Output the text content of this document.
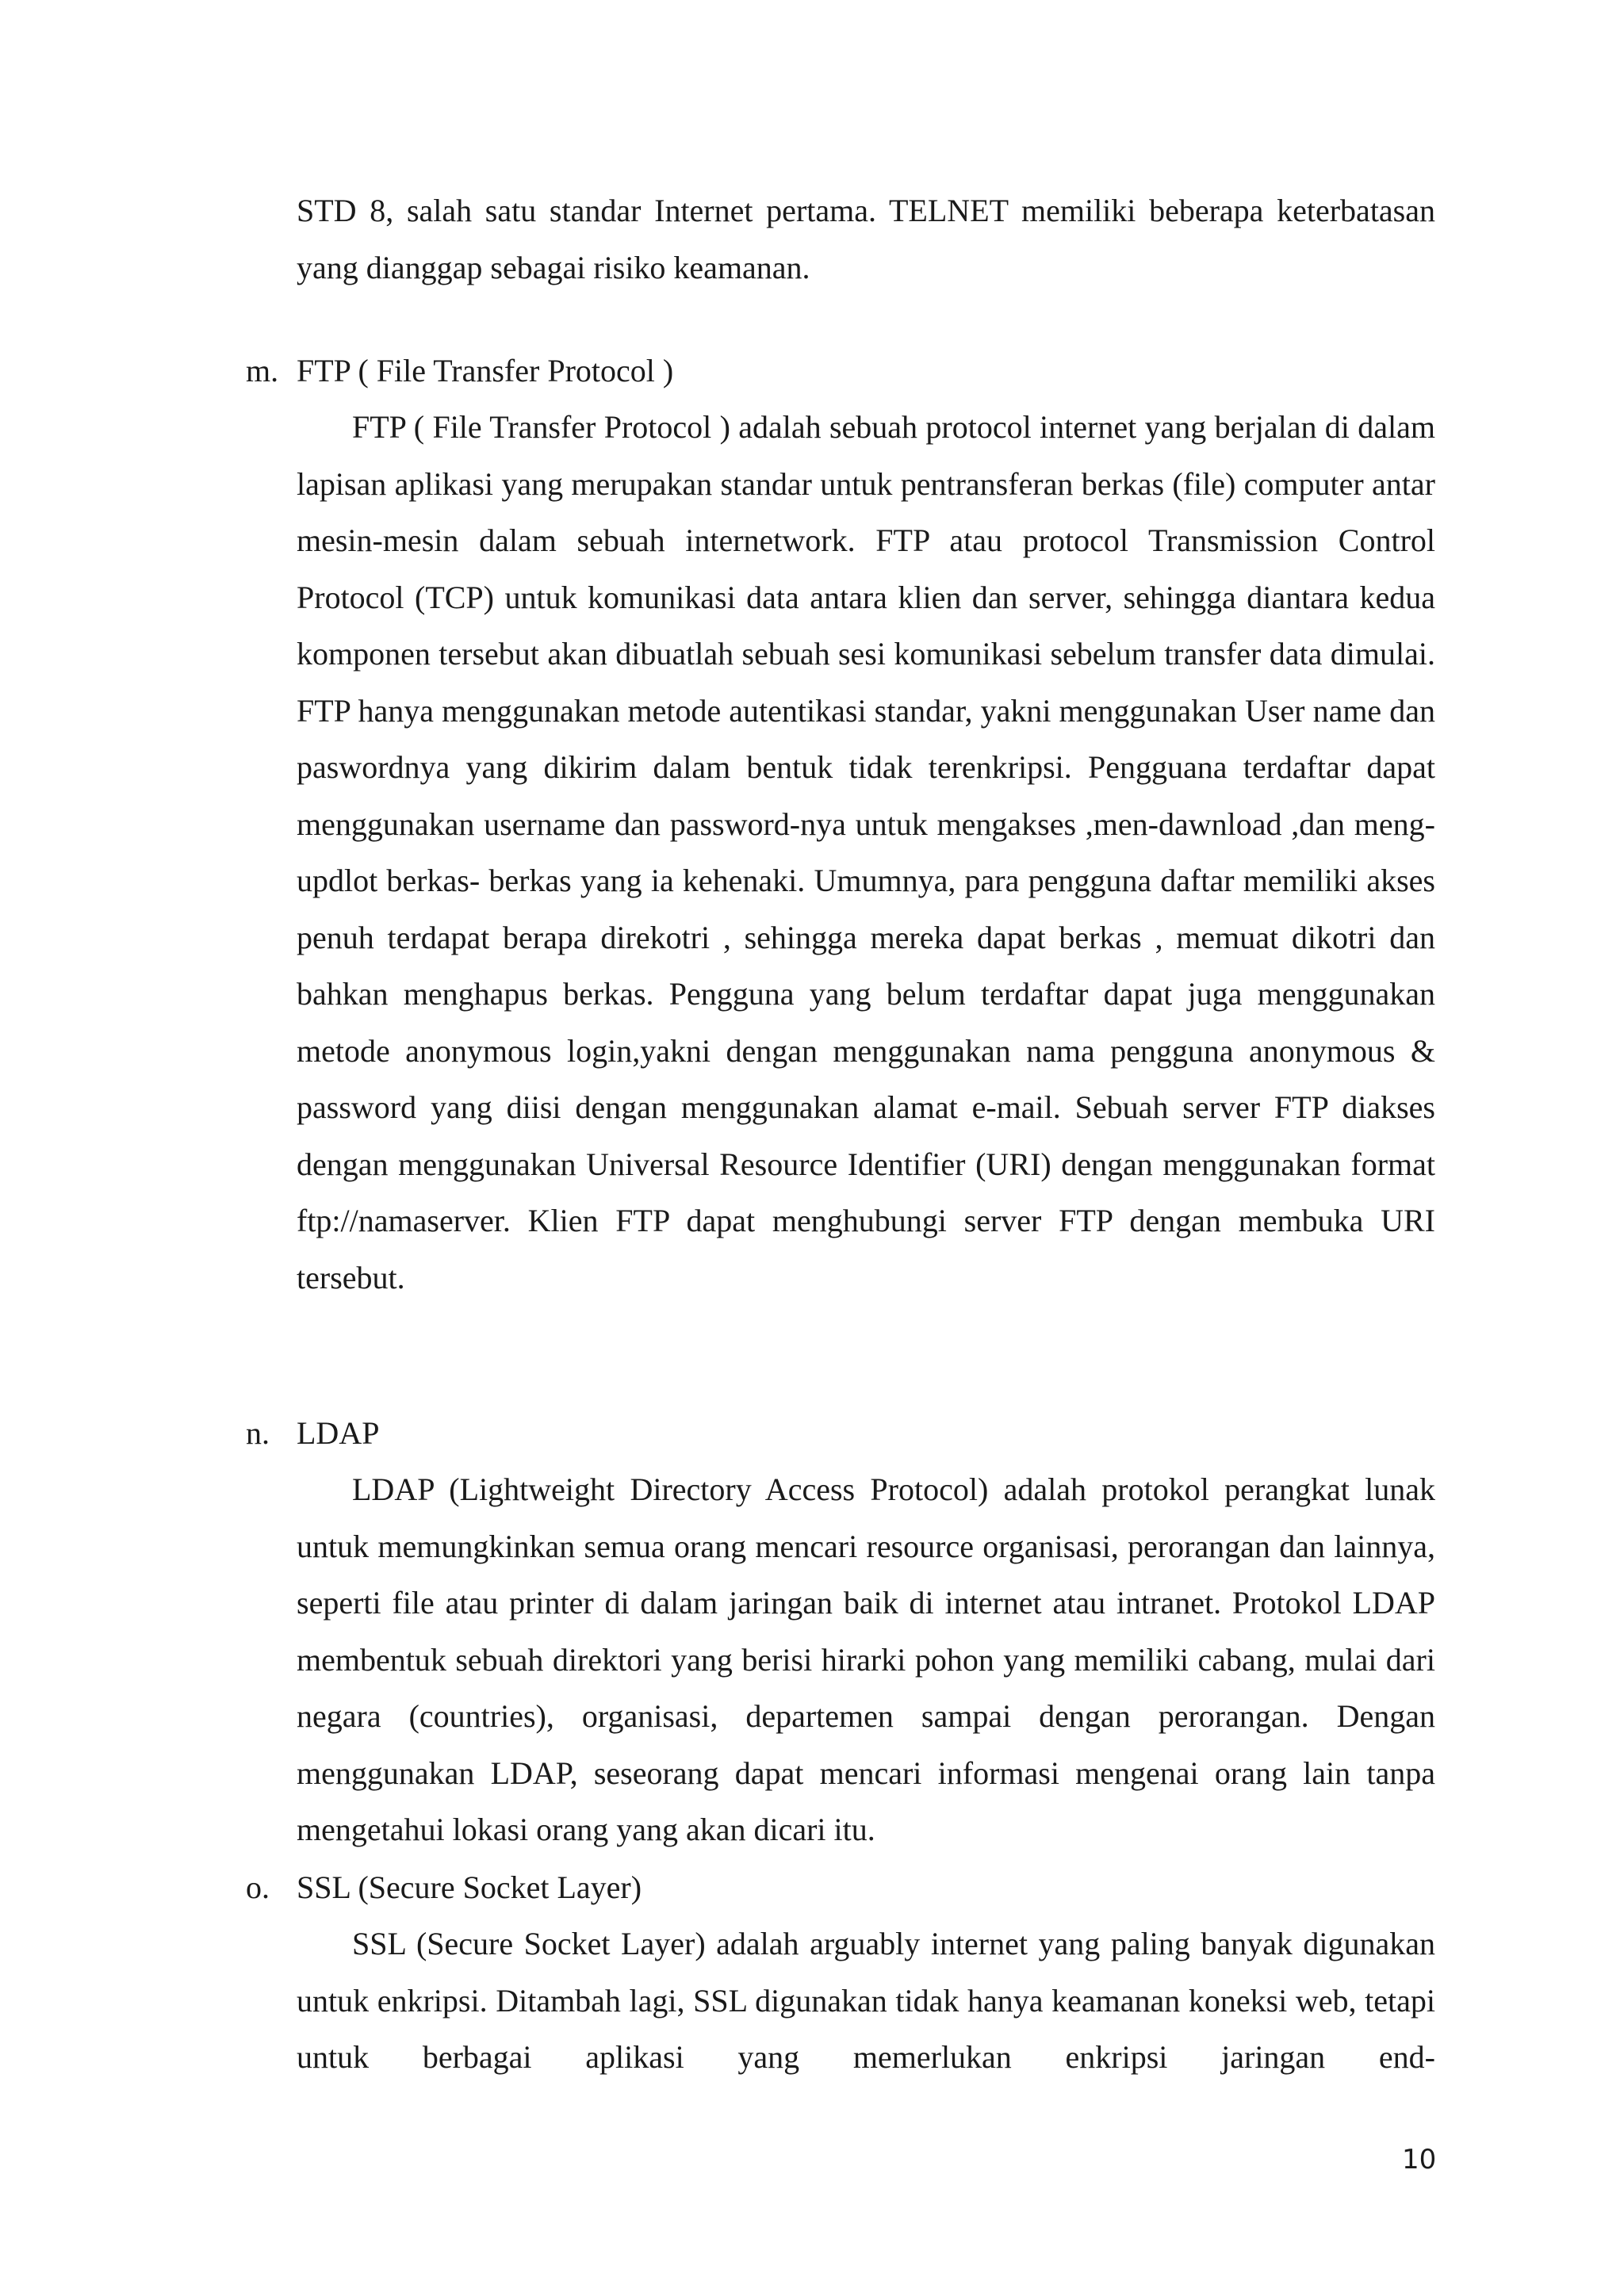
STD 8, salah satu standar Internet pertama. TELNET memiliki beberapa keterbatasan yang dianggap sebagai risiko keamanan.

m. FTP ( File Transfer Protocol )

FTP ( File Transfer Protocol ) adalah sebuah protocol internet yang berjalan di dalam lapisan aplikasi yang merupakan standar untuk pentransferan berkas (file) computer antar mesin-mesin dalam sebuah internetwork. FTP atau protocol Transmission Control Protocol (TCP) untuk komunikasi data antara klien dan server, sehingga diantara kedua komponen tersebut akan dibuatlah sebuah sesi komunikasi sebelum transfer data dimulai. FTP hanya menggunakan metode autentikasi standar, yakni menggunakan User name dan paswordnya yang dikirim dalam bentuk tidak terenkripsi. Pengguana terdaftar dapat menggunakan username dan password-nya untuk mengakses ,men-dawnload ,dan meng- updlot berkas- berkas yang ia kehenaki. Umumnya, para pengguna daftar memiliki akses penuh terdapat berapa direkotri , sehingga mereka dapat berkas , memuat dikotri dan bahkan menghapus berkas. Pengguna yang belum terdaftar dapat juga menggunakan metode anonymous login,yakni dengan menggunakan nama pengguna anonymous & password yang diisi dengan menggunakan alamat e-mail. Sebuah server FTP diakses dengan menggunakan Universal Resource Identifier (URI) dengan menggunakan format ftp://namaserver. Klien FTP dapat menghubungi server FTP dengan membuka URI tersebut.

n. LDAP

LDAP (Lightweight Directory Access Protocol) adalah protokol perangkat lunak untuk memungkinkan semua orang mencari resource organisasi, perorangan dan lainnya, seperti file atau printer di dalam jaringan baik di internet atau intranet. Protokol LDAP membentuk sebuah direktori yang berisi hirarki pohon yang memiliki cabang, mulai dari negara (countries), organisasi, departemen sampai dengan perorangan. Dengan menggunakan LDAP, seseorang dapat mencari informasi mengenai orang lain tanpa mengetahui lokasi orang yang akan dicari itu.

o. SSL (Secure Socket Layer)

SSL (Secure Socket Layer) adalah arguably internet yang paling banyak digunakan untuk enkripsi. Ditambah lagi, SSL digunakan tidak hanya keamanan koneksi web, tetapi untuk berbagai aplikasi yang memerlukan enkripsi jaringan end-

10
